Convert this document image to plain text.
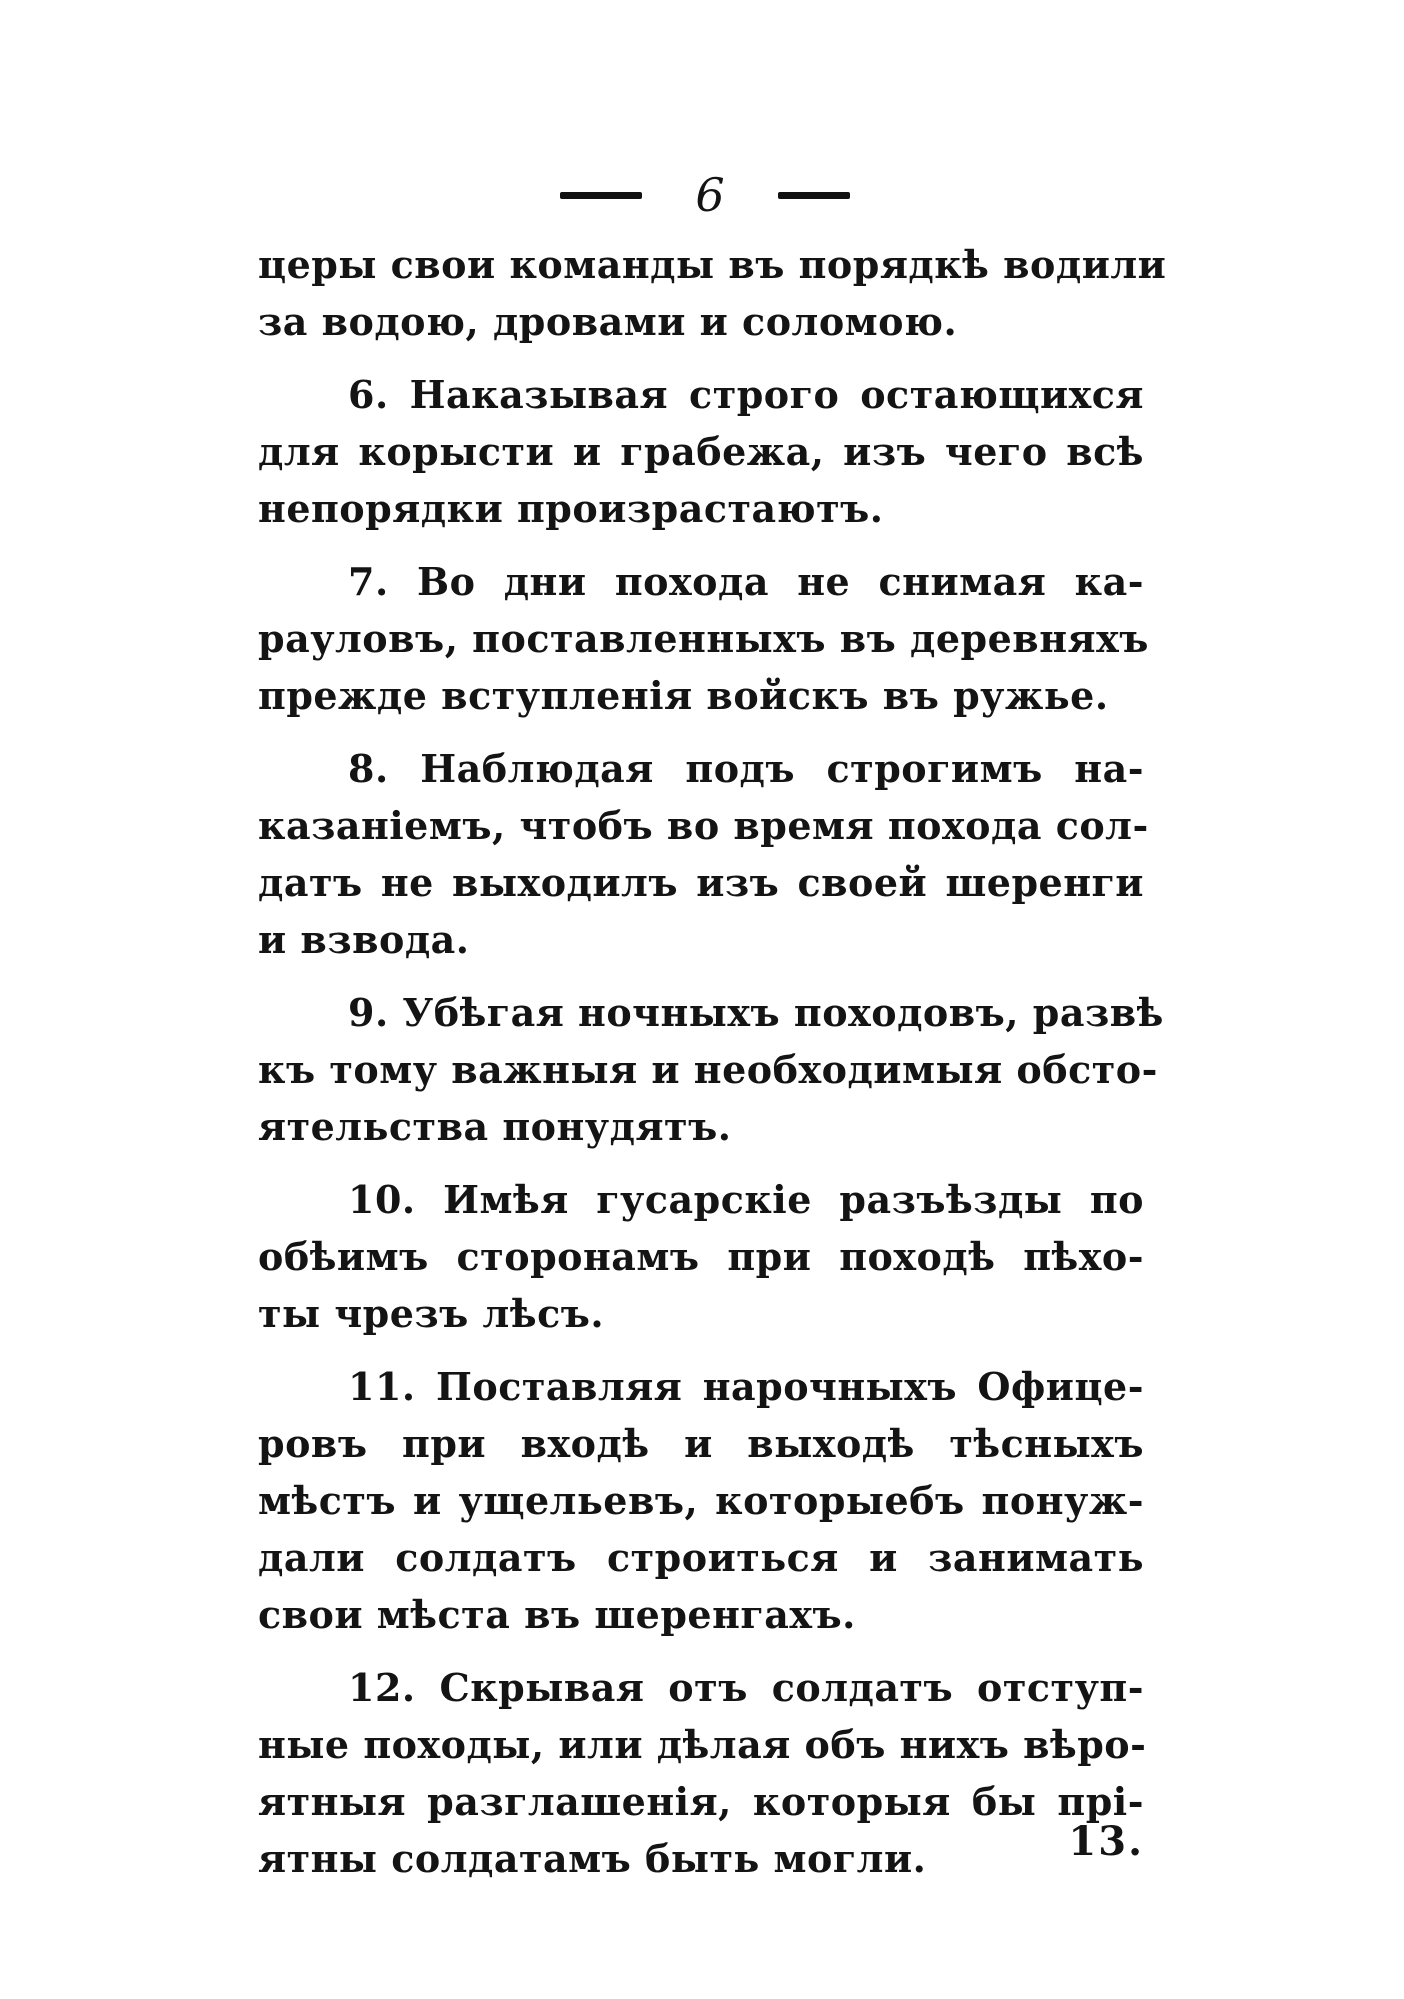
6

церы свои команды въ порядкѣ водили
за водою, дровами и соломою.

6. Наказывая строго остающихся
для корысти и грабежа, изъ чего всѣ
непорядки произрастаютъ.

7. Во дни похода не снимая ка-
рауловъ, поставленныхъ въ деревняхъ
прежде вступленія войскъ въ ружье.

8. Наблюдая подъ строгимъ на-
казаніемъ, чтобъ во время похода сол-
датъ не выходилъ изъ своей шеренги
и взвода.

9. Убѣгая ночныхъ походовъ, развѣ
къ тому важныя и необходимыя обсто-
ятельства понудятъ.

10. Имѣя гусарскіе разъѣзды по
обѣимъ сторонамъ при походѣ пѣхо-
ты чрезъ лѣсъ.

11. Поставляя нарочныхъ Офице-
ровъ при входѣ и выходѣ тѣсныхъ
мѣстъ и ущельевъ, которыебъ понуж-
дали солдатъ строиться и занимать
свои мѣста въ шеренгахъ.

12. Скрывая отъ солдатъ отступ-
ные походы, или дѣлая объ нихъ вѣро-
ятныя разглашенія, которыя бы прі-
ятны солдатамъ быть могли.	13.
